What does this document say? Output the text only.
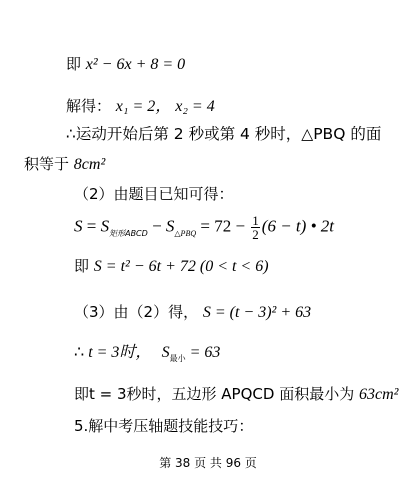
即 x² − 6x + 8 = 0
解得： x₁ = 2， x₂ = 4
∴运动开始后第 2 秒或第 4 秒时，△PBQ 的面
积等于 8cm²
（2）由题目已知可得：
$S = S_{矩形ABCD} - S_{\triangle PBQ} = 72 - \frac{1}{2} (6 - t)$ • 2t
即 S = t² − 6t + 72 (0 < t < 6)
（3）由（2）得， S = (t − 3)² + 63
∴ t = 3时， $S_{最小} = 63$
即t = 3秒时，五边形 APQCD 面积最小为 63cm²
5.解中考压轴题技能技巧：
第 38 页 共 96 页
